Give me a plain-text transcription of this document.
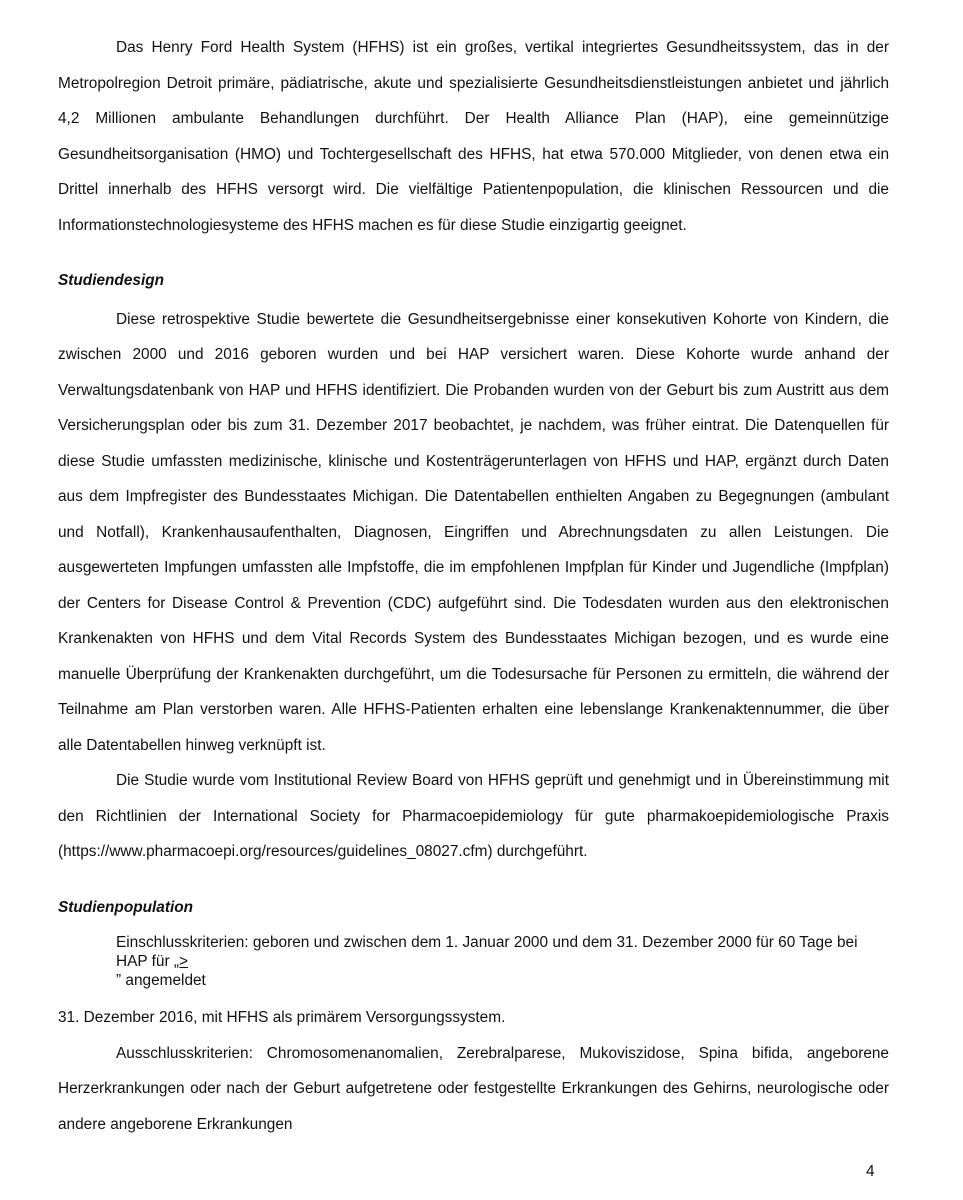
Das Henry Ford Health System (HFHS) ist ein großes, vertikal integriertes Gesundheitssystem, das in der Metropolregion Detroit primäre, pädiatrische, akute und spezialisierte Gesundheitsdienstleistungen anbietet und jährlich 4,2 Millionen ambulante Behandlungen durchführt. Der Health Alliance Plan (HAP), eine gemeinnützige Gesundheitsorganisation (HMO) und Tochtergesellschaft des HFHS, hat etwa 570.000 Mitglieder, von denen etwa ein Drittel innerhalb des HFHS versorgt wird. Die vielfältige Patientenpopulation, die klinischen Ressourcen und die Informationstechnologiesysteme des HFHS machen es für diese Studie einzigartig geeignet.

Studiendesign

Diese retrospektive Studie bewertete die Gesundheitsergebnisse einer konsekutiven Kohorte von Kindern, die zwischen 2000 und 2016 geboren wurden und bei HAP versichert waren. Diese Kohorte wurde anhand der Verwaltungsdatenbank von HAP und HFHS identifiziert. Die Probanden wurden von der Geburt bis zum Austritt aus dem Versicherungsplan oder bis zum 31. Dezember 2017 beobachtet, je nachdem, was früher eintrat. Die Datenquellen für diese Studie umfassten medizinische, klinische und Kostenträgerunterlagen von HFHS und HAP, ergänzt durch Daten aus dem Impfregister des Bundesstaates Michigan. Die Datentabellen enthielten Angaben zu Begegnungen (ambulant und Notfall), Krankenhausaufenthalten, Diagnosen, Eingriffen und Abrechnungsdaten zu allen Leistungen. Die ausgewerteten Impfungen umfassten alle Impfstoffe, die im empfohlenen Impfplan für Kinder und Jugendliche (Impfplan) der Centers for Disease Control & Prevention (CDC) aufgeführt sind. Die Todesdaten wurden aus den elektronischen Krankenakten von HFHS und dem Vital Records System des Bundesstaates Michigan bezogen, und es wurde eine manuelle Überprüfung der Krankenakten durchgeführt, um die Todesursache für Personen zu ermitteln, die während der Teilnahme am Plan verstorben waren. Alle HFHS-Patienten erhalten eine lebenslange Krankenaktennummer, die über alle Datentabellen hinweg verknüpft ist.

Die Studie wurde vom Institutional Review Board von HFHS geprüft und genehmigt und in Übereinstimmung mit den Richtlinien der International Society for Pharmacoepidemiology für gute pharmakoepidemiologische Praxis (https://www.pharmacoepi.org/resources/guidelines_08027.cfm) durchgeführt.

Studienpopulation

Einschlusskriterien: geboren und zwischen dem 1. Januar 2000 und dem 31. Dezember 2000 für 60 Tage bei HAP für „>
” angemeldet

31. Dezember 2016, mit HFHS als primärem Versorgungssystem.

Ausschlusskriterien: Chromosomenanomalien, Zerebralparese, Mukoviszidose, Spina bifida, angeborene Herzerkrankungen oder nach der Geburt aufgetretene oder festgestellte Erkrankungen des Gehirns, neurologische oder andere angeborene Erkrankungen

4
